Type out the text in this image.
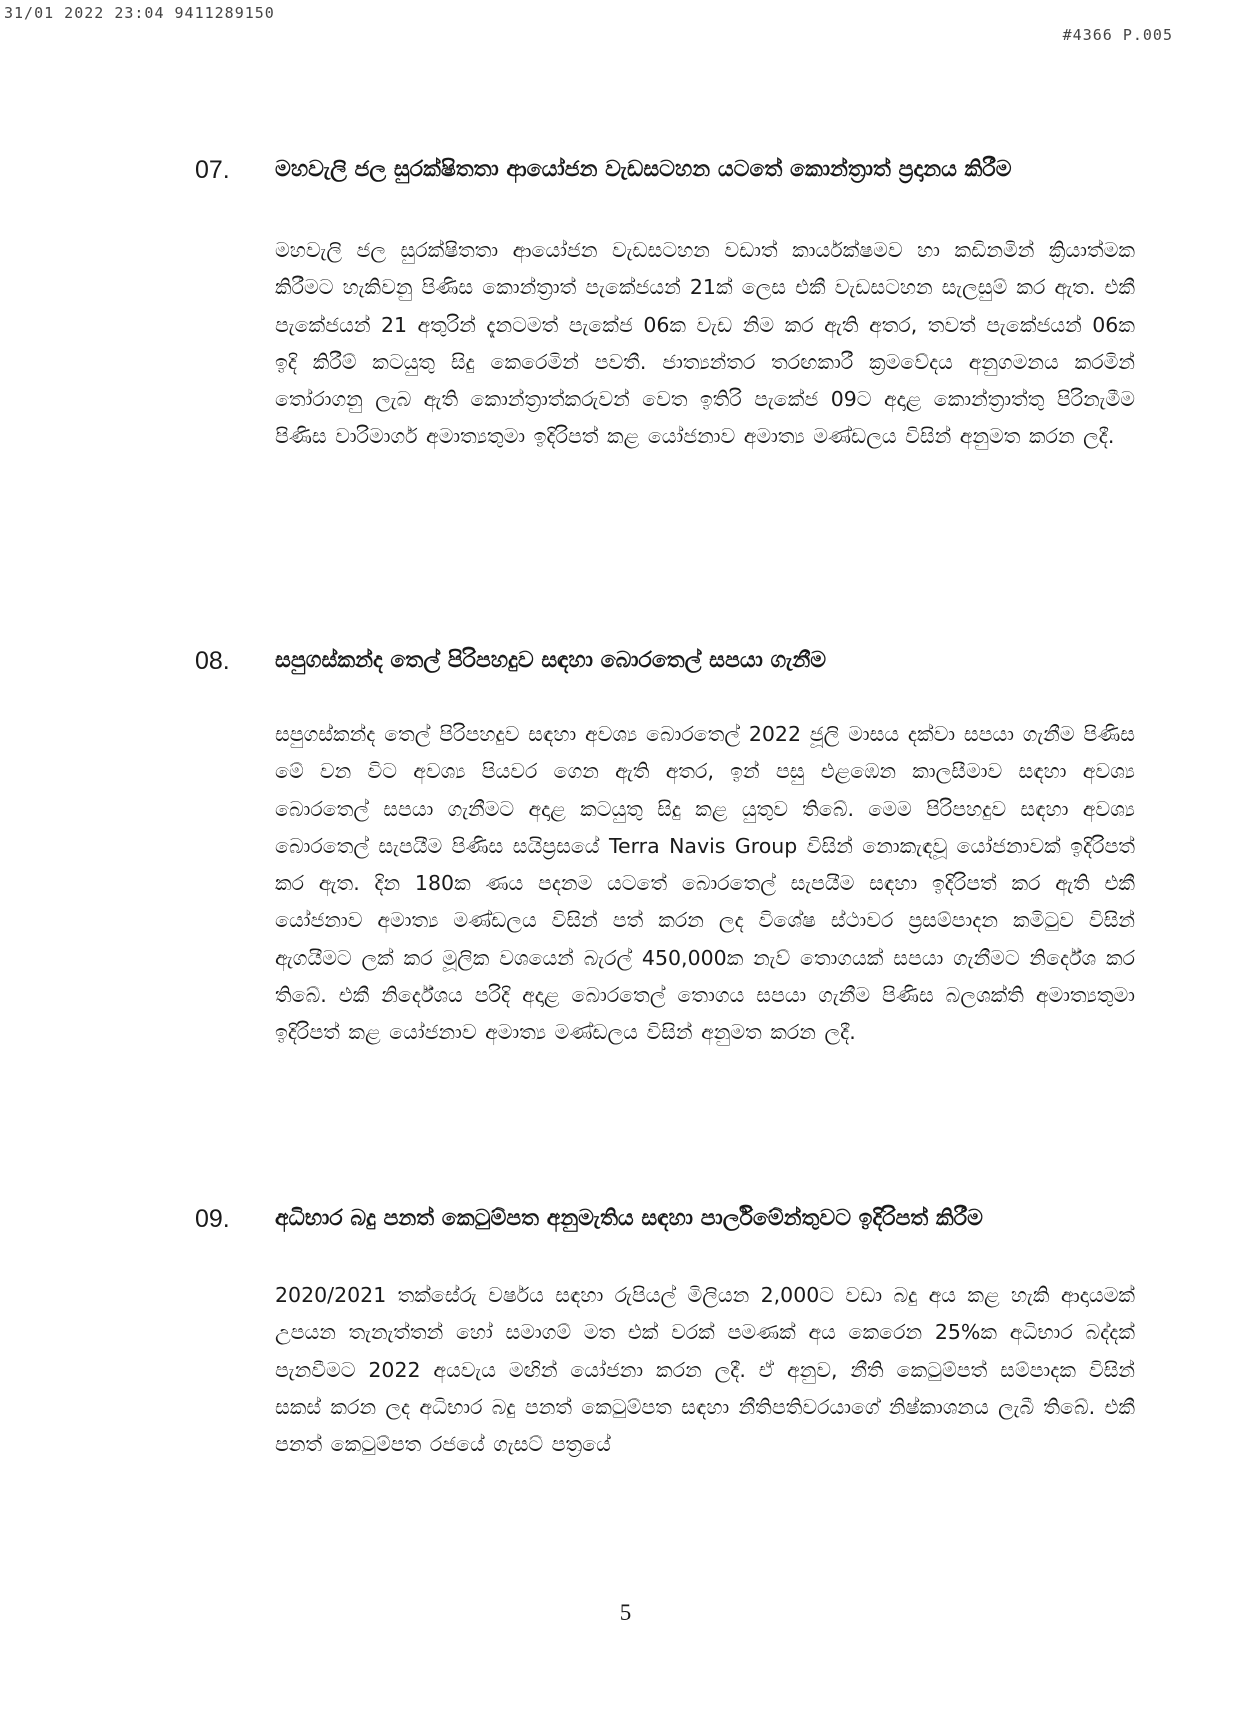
31/01 2022 23:04 9411289150
#4366 P.005
07.	මහවැලි ජල සුරක්ෂිතතා ආයෝජන වැඩසටහන යටතේ කොන්ත්‍රාත් ප්‍රදානය කිරීම
මහවැලි ජල සුරක්ෂිතතා ආයෝජන වැඩසටහන වඩාත් කාර්යක්ෂමව හා කඩිනමින් ක්‍රියාත්මක කිරීමට හැකිවනු පිණිස කොන්ත්‍රාත් පැකේජයන් 21ක් ලෙස එකී වැඩසටහන සැලසුම් කර ඇත. එකී පැකේජයන් 21 අතුරින් දැනටමත් පැකේජ 06ක වැඩ නිම කර ඇති අතර, තවත් පැකේජයන් 06ක ඉදි කිරීම් කටයුතු සිදු කෙරෙමින් පවතී. ජාත්‍යන්තර තරඟකාරී ක්‍රමවේදය අනුගමනය කරමින් තෝරාගනු ලැබ ඇති කොන්ත්‍රාත්කරුවන් වෙත ඉතිරි පැකේජ 09ට අදාළ කොන්ත්‍රාත්තු පිරිනැමීම පිණිස වාරිමාර්ග අමාත්‍යතුමා ඉදිරිපත් කළ යෝජනාව අමාත්‍ය මණ්ඩලය විසින් අනුමත කරන ලදී.
08.	සපුගස්කන්ද තෙල් පිරිපහදුව සඳහා බොරතෙල් සපයා ගැනීම
සපුගස්කන්ද තෙල් පිරිපහදුව සඳහා අවශ්‍ය බොරතෙල් 2022 ජූලි මාසය දක්වා සපයා ගැනීම පිණිස මේ වන විට අවශ්‍ය පියවර ගෙන ඇති අතර, ඉන් පසු එළඹෙන කාලසීමාව සඳහා අවශ්‍ය බොරතෙල් සපයා ගැනීමට අදාළ කටයුතු සිදු කළ යුතුව තිබේ. මෙම පිරිපහදුව සඳහා අවශ්‍ය බොරතෙල් සැපයීම පිණිස සයිප්‍රසයේ Terra Navis Group විසින් නොකැඳවූ යෝජනාවක් ඉදිරිපත් කර ඇත. දින 180ක ණය පදනම යටතේ බොරතෙල් සැපයීම සඳහා ඉදිරිපත් කර ඇති එකී යෝජනාව අමාත්‍ය මණ්ඩලය විසින් පත් කරන ලද විශේෂ ස්ථාවර ප්‍රසම්පාදන කමිටුව විසින් ඇගයීමට ලක් කර මූලික වශයෙන් බැරල් 450,000ක නැව් තොගයක් සපයා ගැනීමට නිර්දේශ කර තිබේ. එකී නිර්දේශය පරිදි අදාළ බොරතෙල් තොගය සපයා ගැනීම පිණිස බලශක්ති අමාත්‍යතුමා ඉදිරිපත් කළ යෝජනාව අමාත්‍ය මණ්ඩලය විසින් අනුමත කරන ලදී.
09.	අධිභාර බදු පනත් කෙටුම්පත අනුමැතිය සඳහා පාර්ලිමේන්තුවට ඉදිරිපත් කිරීම
2020/2021 තක්සේරු වර්ෂය සඳහා රුපියල් මිලියන 2,000ට වඩා බදු අය කළ හැකි ආදායමක් උපයන තැනැත්තන් හෝ සමාගම් මත එක් වරක් පමණක් අය කෙරෙන 25%ක අධිභාර බද්දක් පැනවීමට 2022 අයවැය මඟින් යෝජනා කරන ලදී. ඒ අනුව, නීති කෙටුම්පත් සම්පාදක විසින් සකස් කරන ලද අධිභාර බදු පනත් කෙටුම්පත සඳහා නීතිපතිවරයාගේ නිෂ්කාශනය ලැබී තිබේ. එකී පනත් කෙටුම්පත රජයේ ගැසට් පත්‍රයේ
5
